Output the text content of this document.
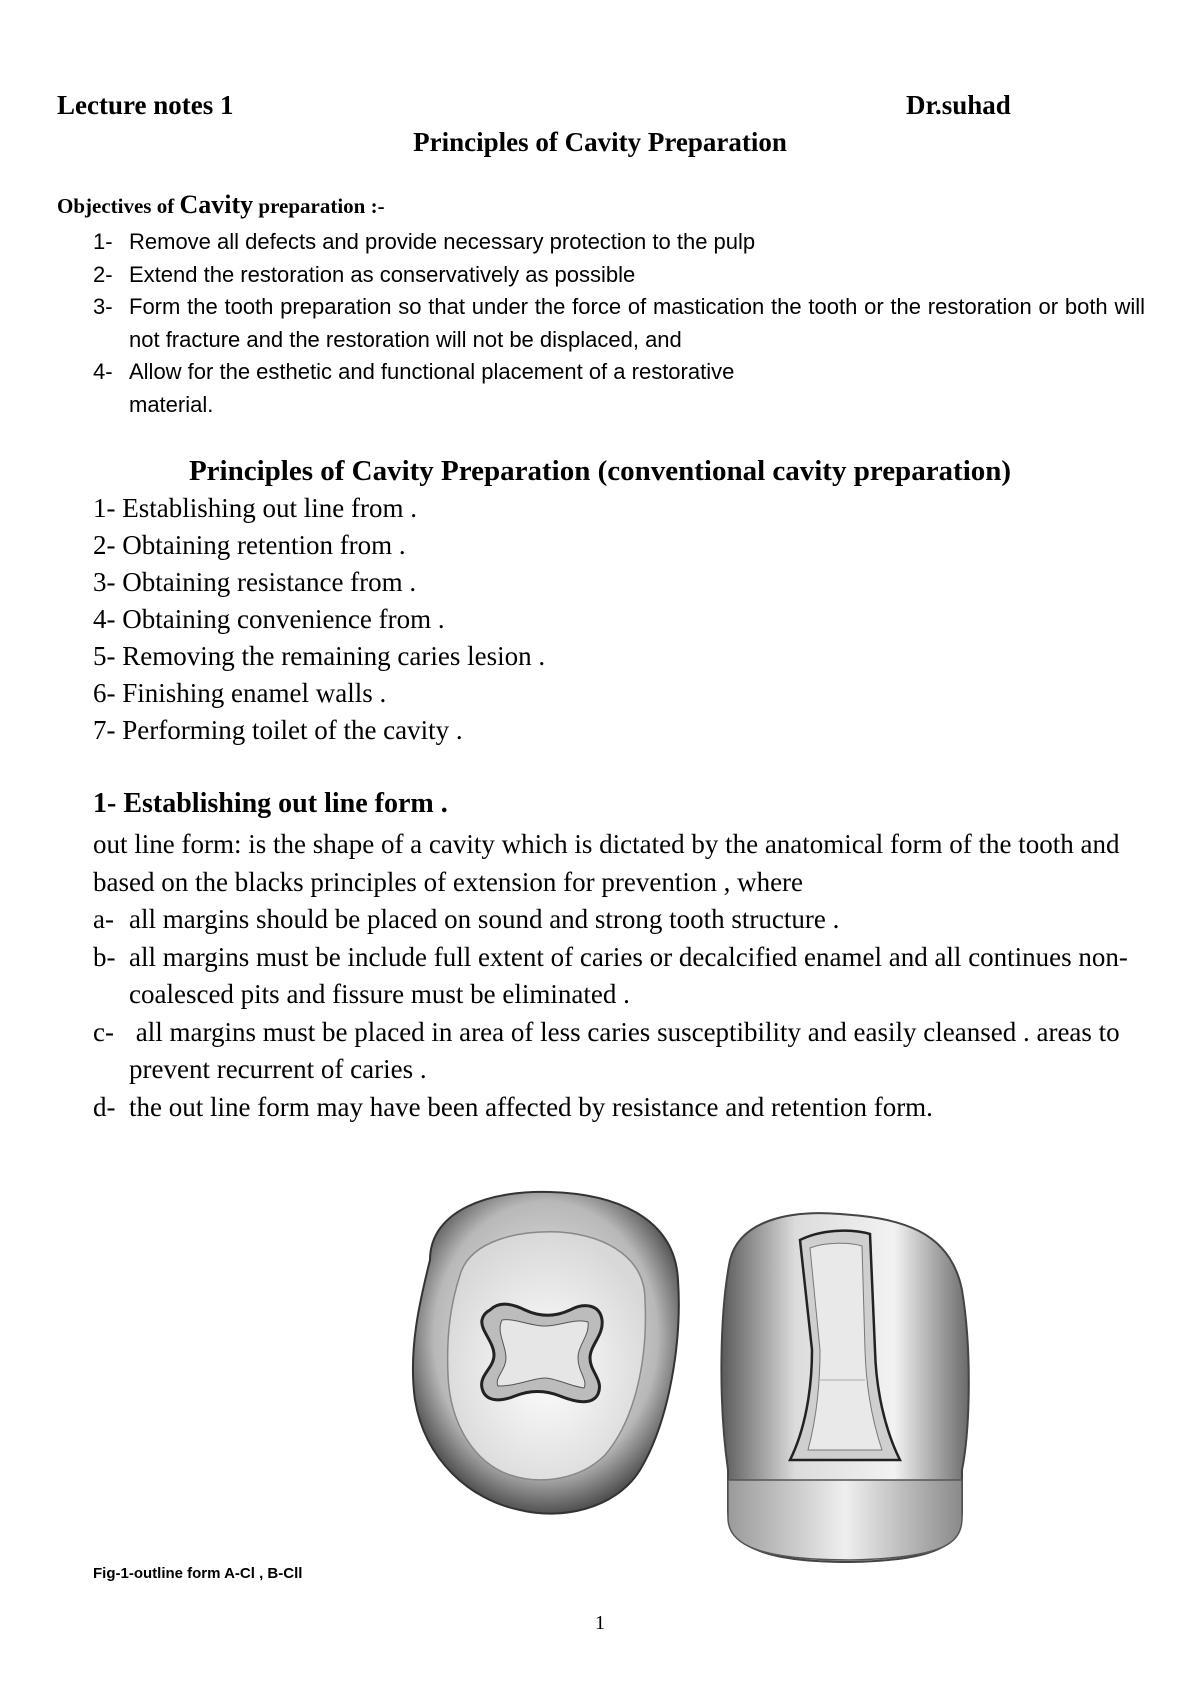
Lecture notes 1	Dr.suhad
Principles of Cavity Preparation
Objectives of Cavity preparation :-
1- Remove all defects and provide necessary protection to the pulp
2- Extend the restoration as conservatively as possible
3- Form the tooth preparation so that under the force of mastication the tooth or the restoration or both will not fracture and the restoration will not be displaced, and
4- Allow for the esthetic and functional placement of a restorative
material.
Principles of Cavity Preparation (conventional cavity preparation)
1- Establishing out line from .
2- Obtaining retention from .
3- Obtaining resistance from .
4- Obtaining convenience from .
5- Removing the remaining caries lesion .
6- Finishing enamel walls .
7- Performing toilet of the cavity .
1- Establishing out line form .
out line form: is the shape of a cavity which is dictated by the anatomical form of the tooth and based on the blacks principles of extension for prevention , where
a- all margins should be placed on sound and strong tooth structure .
b- all margins must be include full extent of caries or decalcified enamel and all continues non-coalesced pits and fissure must be eliminated .
c- all margins must be placed in area of less caries susceptibility and easily cleansed . areas to prevent recurrent of caries .
d- the out line form may have been affected by resistance and retention form.
Fig-1-outline form A-Cl , B-Cll
1
